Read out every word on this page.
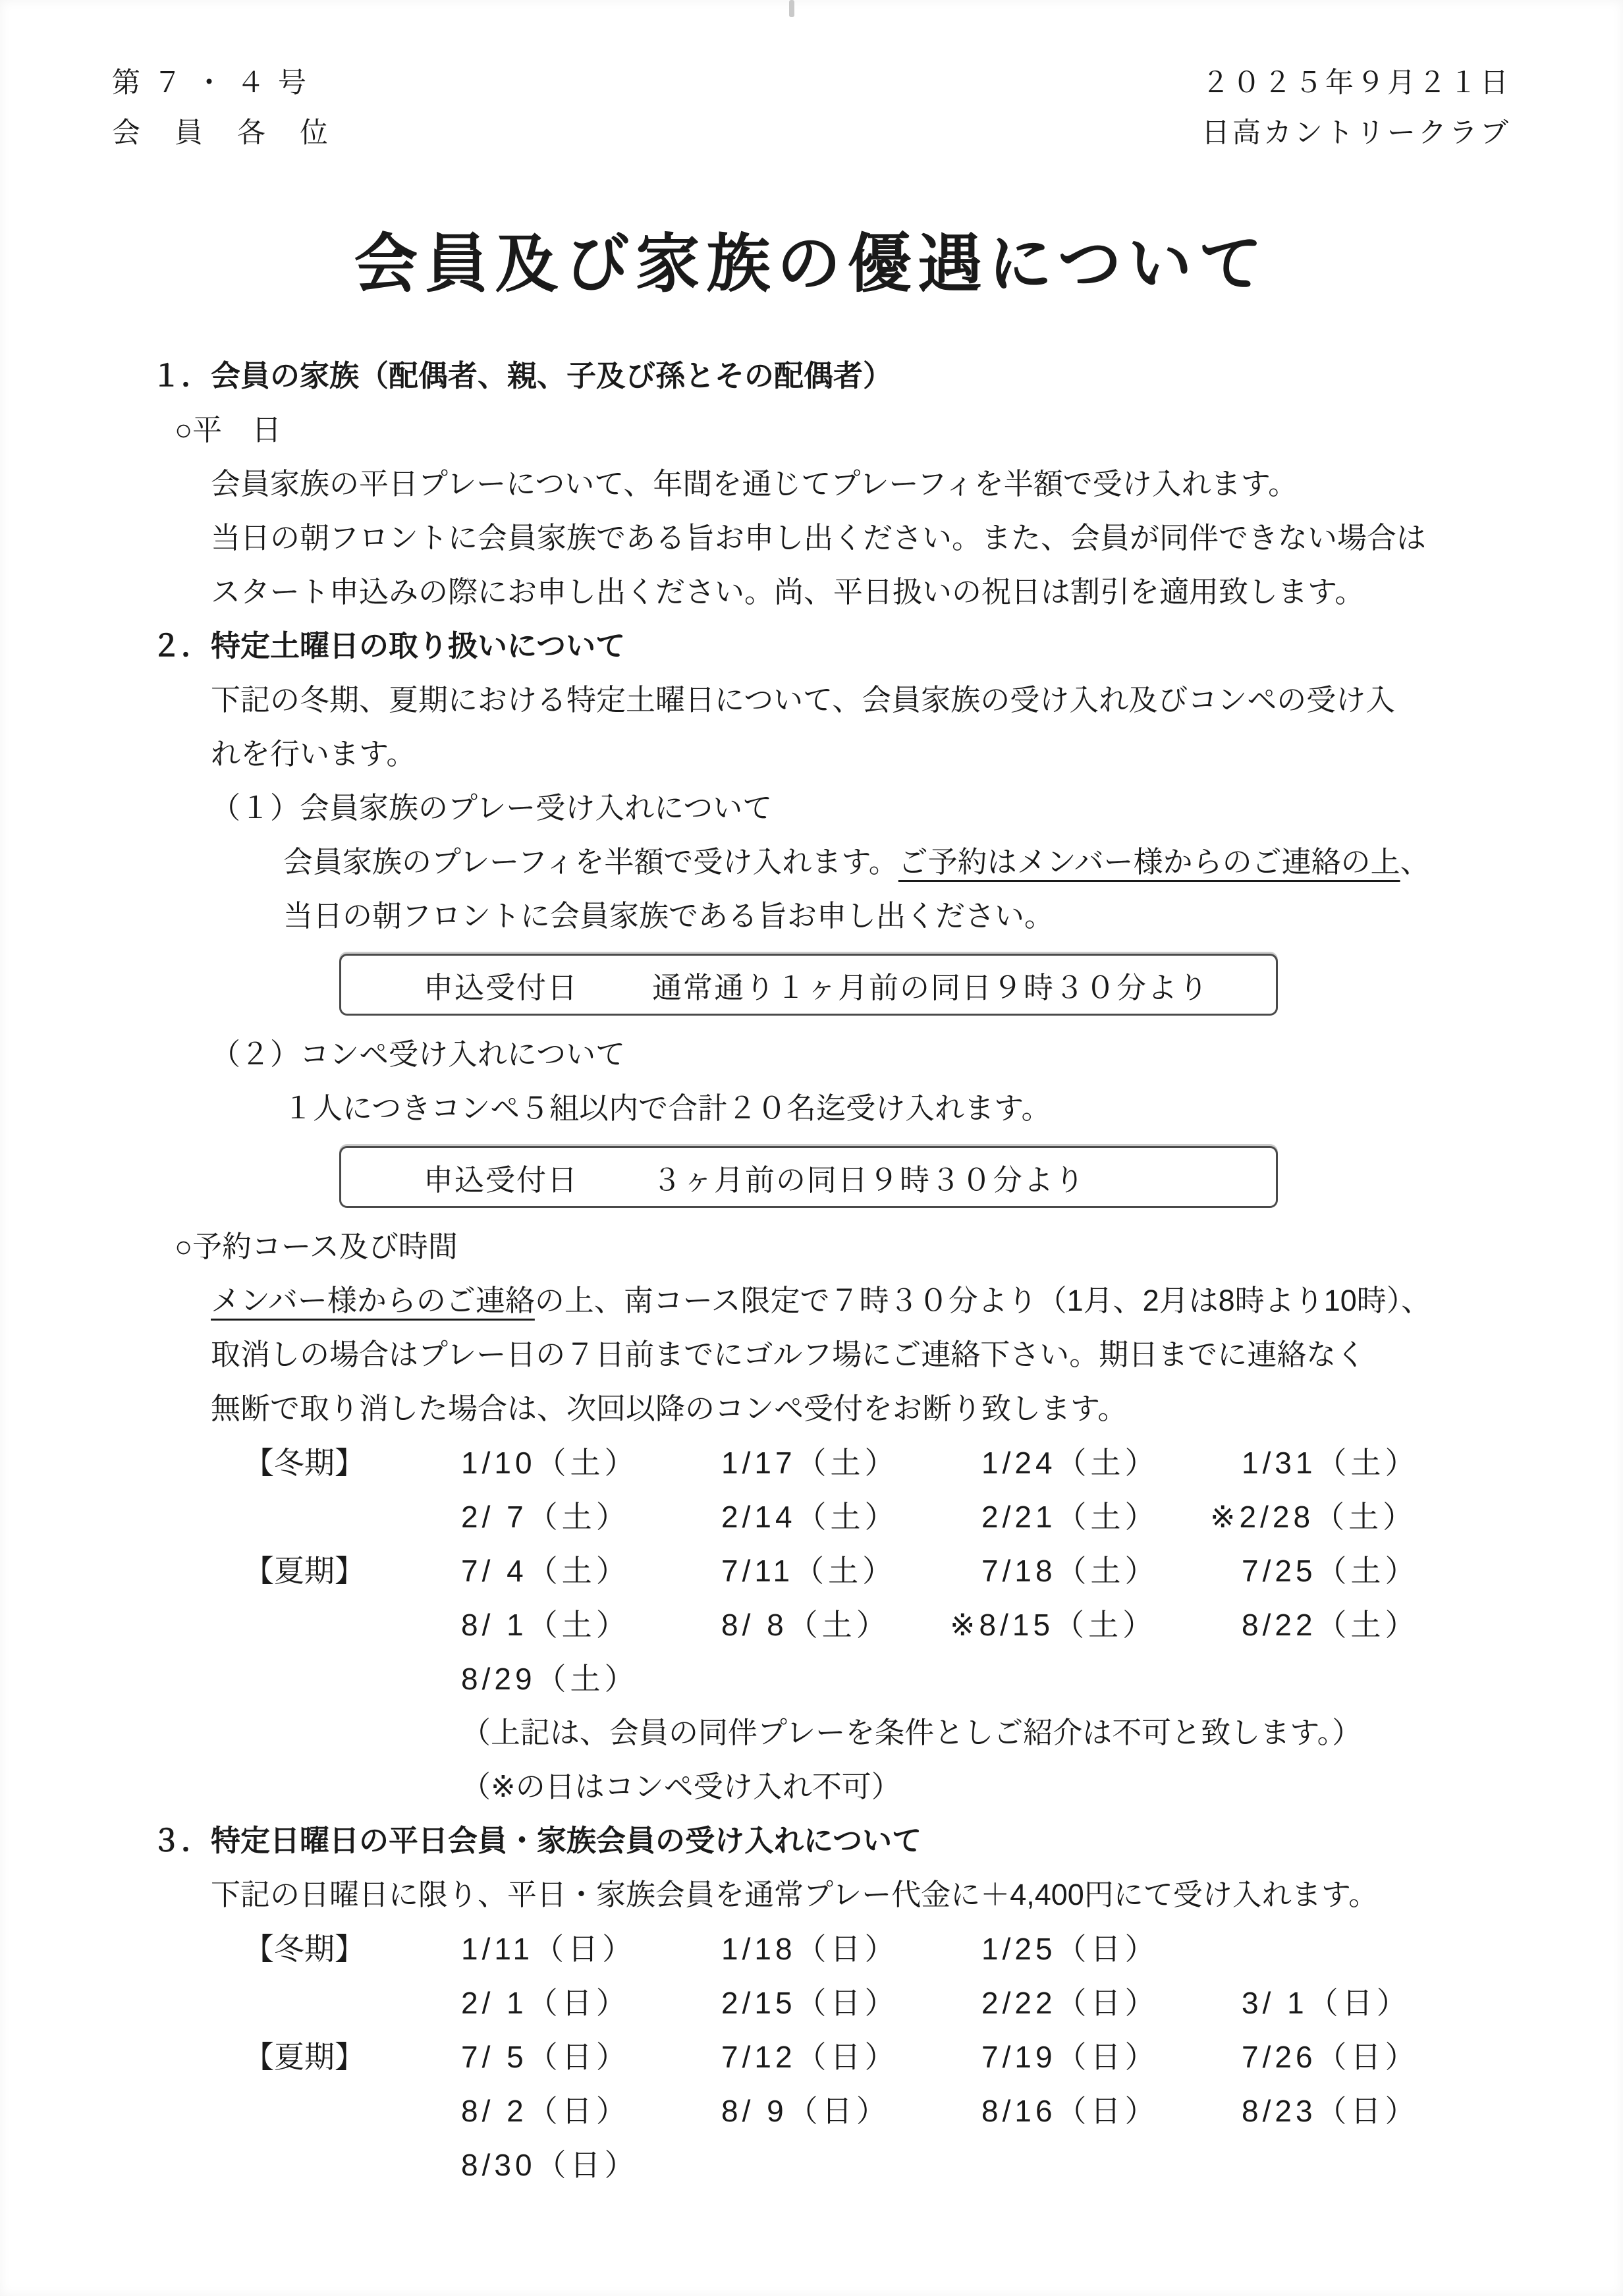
第７・４号
会 員 各 位
２０２５年９月２１日
日高カントリークラブ
会員及び家族の優遇について
１．会員の家族（配偶者、親、子及び孫とその配偶者）
○平　日

会員家族の平日プレーについて、年間を通じてプレーフィを半額で受け入れます。

当日の朝フロントに会員家族である旨お申し出ください。また、会員が同伴できない場合は

スタート申込みの際にお申し出ください。尚、平日扱いの祝日は割引を適用致します。

２．特定土曜日の取り扱いについて

下記の冬期、夏期における特定土曜日について、会員家族の受け入れ及びコンペの受け入

れを行います。

（１）会員家族のプレー受け入れについて

会員家族のプレーフィを半額で受け入れます。ご予約はメンバー様からのご連絡の上、

当日の朝フロントに会員家族である旨お申し出ください。

申込受付日 通常通り１ヶ月前の同日９時３０分より
（２）コンペ受け入れについて

１人につきコンペ５組以内で合計２０名迄受け入れます。

申込受付日 ３ヶ月前の同日９時３０分より
○予約コース及び時間

メンバー様からのご連絡の上、南コース限定で７時３０分より（1月、2月は8時より10時）、

取消しの場合はプレー日の７日前までにゴルフ場にご連絡下さい。期日までに連絡なく

無断で取り消した場合は、次回以降のコンペ受付をお断り致します。

【冬期】	1/10（土）	1/17（土）	1/24（土）	1/31（土）
2/ 7（土）	2/14（土）	2/21（土）	※2/28（土）
【夏期】	7/ 4（土）	7/11（土）	7/18（土）	7/25（土）
8/ 1（土）	8/ 8（土）	※8/15（土）	8/22（土）
8/29（土）

（上記は、会員の同伴プレーを条件としご紹介は不可と致します。）

（※の日はコンペ受け入れ不可）

３．特定日曜日の平日会員・家族会員の受け入れについて

下記の日曜日に限り、平日・家族会員を通常プレー代金に＋4,400円にて受け入れます。

【冬期】	1/11（日）	1/18（日）	1/25（日）
2/ 1（日）	2/15（日）	2/22（日）	3/ 1（日）
【夏期】	7/ 5（日）	7/12（日）	7/19（日）	7/26（日）
8/ 2（日）	8/ 9（日）	8/16（日）	8/23（日）
8/30（日）
